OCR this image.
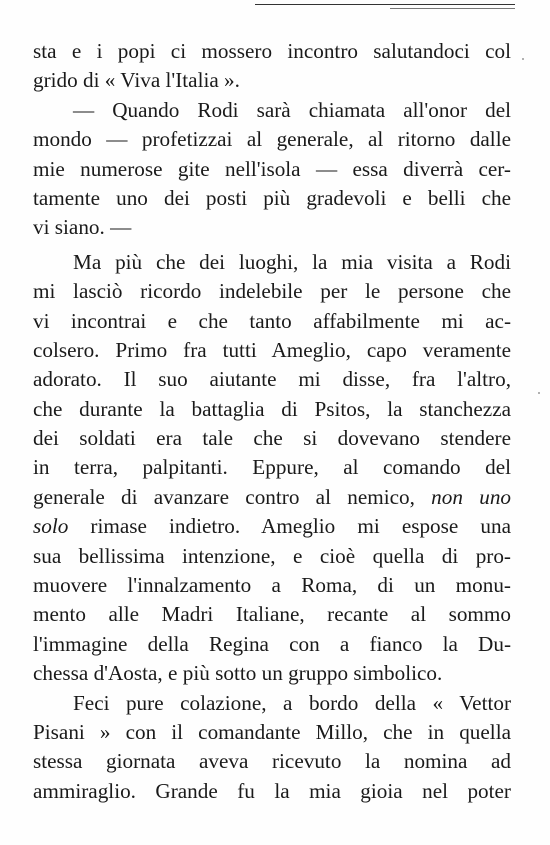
sta e i popi ci mossero incontro salutandoci col
grido di « Viva l'Italia ».
— Quando Rodi sarà chiamata all'onor del
mondo — profetizzai al generale, al ritorno dalle
mie numerose gite nell'isola — essa diverrà cer-
tamente uno dei posti più gradevoli e belli che
vi siano. —
Ma più che dei luoghi, la mia visita a Rodi
mi lasciò ricordo indelebile per le persone che
vi incontrai e che tanto affabilmente mi ac-
colsero. Primo fra tutti Ameglio, capo veramente
adorato. Il suo aiutante mi disse, fra l'altro,
che durante la battaglia di Psitos, la stanchezza
dei soldati era tale che si dovevano stendere
in terra, palpitanti. Eppure, al comando del
generale di avanzare contro al nemico, non uno
solo rimase indietro. Ameglio mi espose una
sua bellissima intenzione, e cioè quella di pro-
muovere l'innalzamento a Roma, di un monu-
mento alle Madri Italiane, recante al sommo
l'immagine della Regina con a fianco la Du-
chessa d'Aosta, e più sotto un gruppo simbolico.
Feci pure colazione, a bordo della « Vettor
Pisani » con il comandante Millo, che in quella
stessa giornata aveva ricevuto la nomina ad
ammiraglio. Grande fu la mia gioia nel poter
